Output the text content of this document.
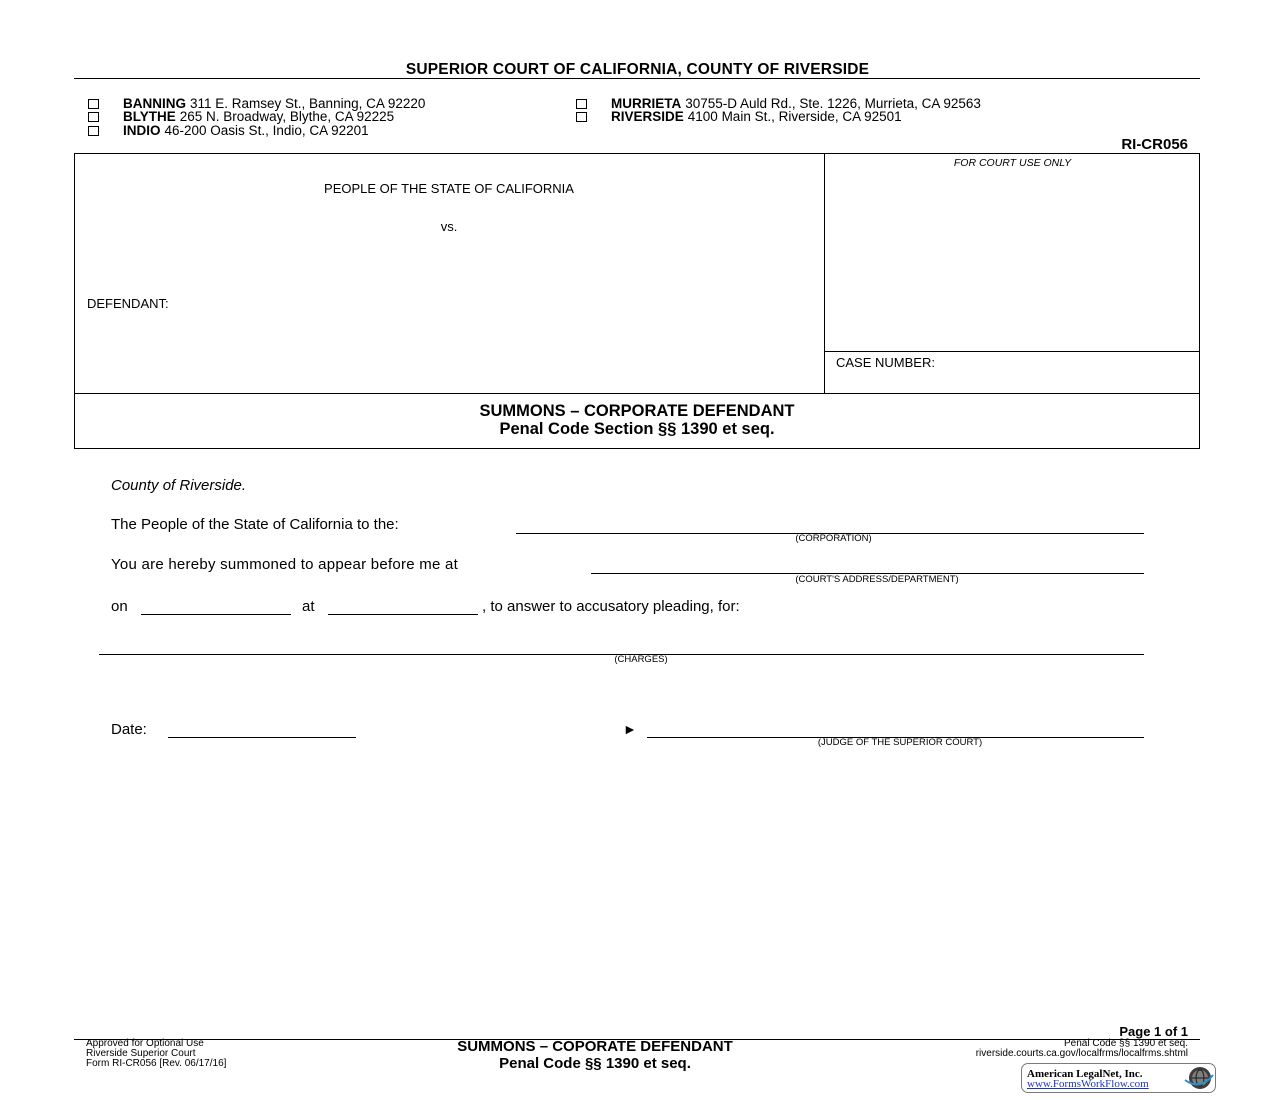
SUPERIOR COURT OF CALIFORNIA, COUNTY OF RIVERSIDE
BANNING 311 E. Ramsey St., Banning, CA 92220
BLYTHE 265 N. Broadway, Blythe, CA 92225
INDIO 46-200 Oasis St., Indio, CA 92201
MURRIETA 30755-D Auld Rd., Ste. 1226, Murrieta, CA 92563
RIVERSIDE 4100 Main St., Riverside, CA 92501
RI-CR056
PEOPLE OF THE STATE OF CALIFORNIA
vs.
DEFENDANT:
FOR COURT USE ONLY
CASE NUMBER:
SUMMONS – CORPORATE DEFENDANT
Penal Code Section §§ 1390 et seq.
County of Riverside.
The People of the State of California to the:
(CORPORATION)
You are hereby summoned to appear before me at
(COURT'S ADDRESS/DEPARTMENT)
on	at	, to answer to accusatory pleading, for:
(CHARGES)
Date:	►
(JUDGE OF THE SUPERIOR COURT)
Page 1 of 1
Approved for Optional Use
Riverside Superior Court
Form RI-CR056 [Rev. 06/17/16]
SUMMONS – COPORATE DEFENDANT
Penal Code §§ 1390 et seq.
Penal Code §§ 1390 et seq.
riverside.courts.ca.gov/localfrms/localfrms.shtml
American LegalNet, Inc.
www.FormsWorkFlow.com
